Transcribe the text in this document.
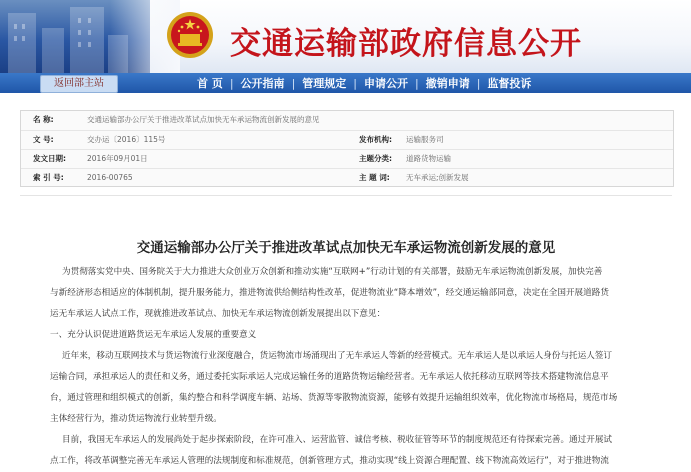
交通运输部政府信息公开
返回部主站	首 页 | 公开指南 | 管理规定 | 申请公开 | 撤销申请 | 监督投诉
名 称:	交通运输部办公厅关于推进改革试点加快无车承运物流创新发展的意见
文 号:	交办运〔2016〕115号	发布机构: 运输服务司
发文日期:	2016年09月01日	主题分类: 道路货物运输
索 引 号:	2016-00765	主 题 词: 无车承运;创新发展
交通运输部办公厅关于推进改革试点加快无车承运物流创新发展的意见
为贯彻落实党中央、国务院关于大力推进大众创业万众创新和推动实施“互联网+”行动计划的有关部署，鼓励无车承运物流创新发展，加快完善
与新经济形态相适应的体制机制，提升服务能力，推进物流供给侧结构性改革，促进物流业“降本增效”，经交通运输部同意，决定在全国开展道路货
运无车承运人试点工作，现就推进改革试点、加快无车承运物流创新发展提出以下意见：
一、充分认识促进道路货运无车承运人发展的重要意义
近年来，移动互联网技术与货运物流行业深度融合，货运物流市场涌现出了无车承运人等新的经营模式。无车承运人是以承运人身份与托运人签订
运输合同，承担承运人的责任和义务，通过委托实际承运人完成运输任务的道路货物运输经营者。无车承运人依托移动互联网等技术搭建物流信息平
台，通过管理和组织模式的创新，集约整合和科学调度车辆、站场、货源等零散物流资源，能够有效提升运输组织效率，优化物流市场格局，规范市场
主体经营行为，推动货运物流行业转型升级。
目前，我国无车承运人的发展尚处于起步探索阶段，在许可准入、运营监管、诚信考核、税收征管等环节的制度规范还有待探索完善。通过开展试
点工作，将改革调整完善无车承运人管理的法规制度和标准规范，创新管理方式，推动实现“线上资源合理配置、线下物流高效运行”，对于推进物流
